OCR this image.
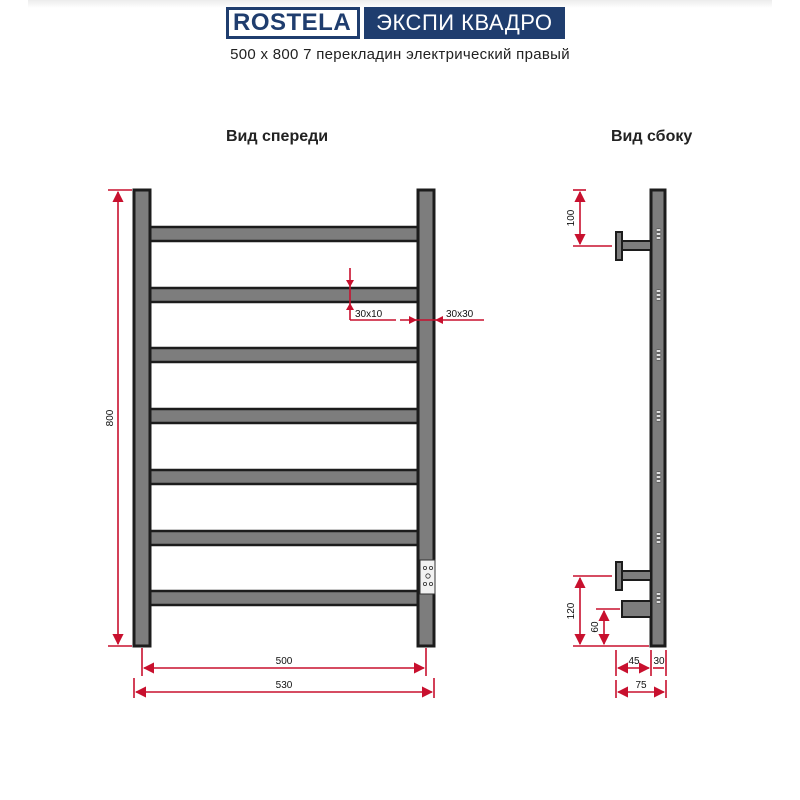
ROSTELA	ЭКСПИ КВАДРО
500 x 800 7 перекладин электрический правый
Вид спереди	Вид сбоку
800
30x10	30x30
500
530
100
120
60
45 30
75
